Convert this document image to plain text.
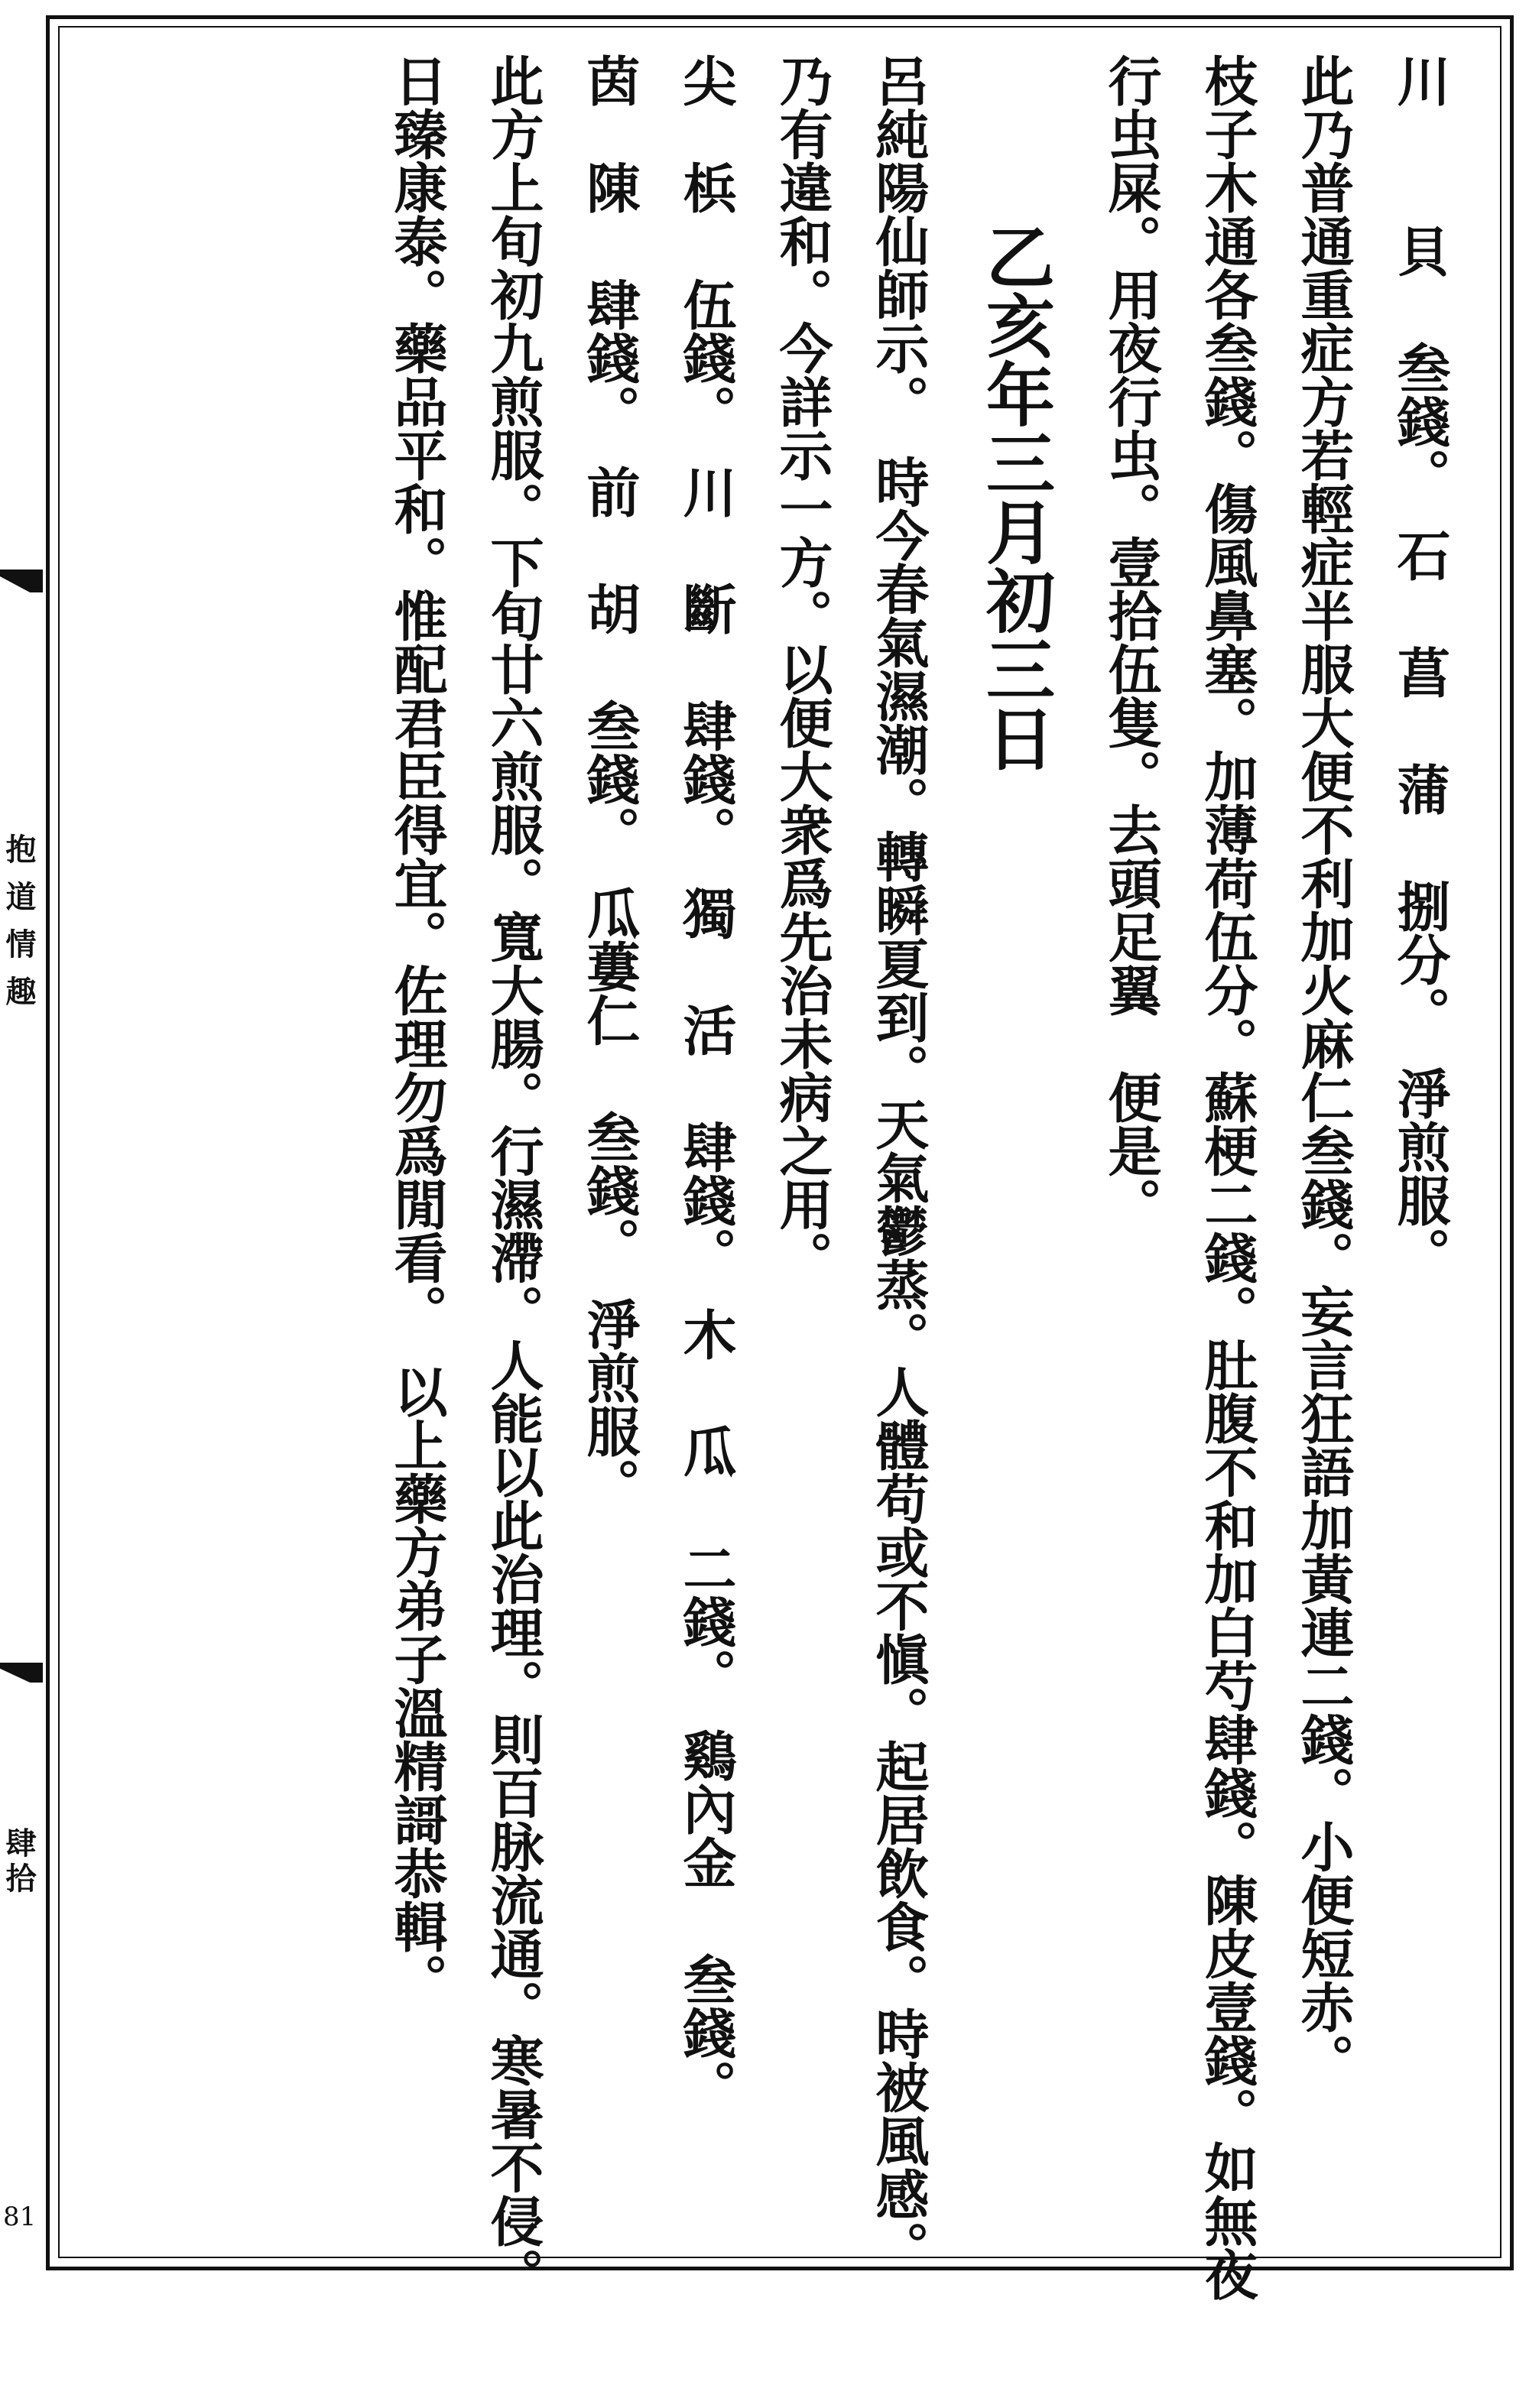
抱道情趣
肆拾
81
川　 貝 叁錢。　石 菖 蒲 捌分。　淨煎服。
此乃普通重症方若輕症半服大便不利加火麻仁叁錢。妄言狂語加黃連二錢。小便短赤。
枝子木通各叁錢。傷風鼻塞。加薄荷伍分。蘇梗二錢。肚腹不和加白芍肆錢。陳皮壹錢。如無夜
行虫屎。用夜行虫。壹拾伍隻。去頭足翼　便是。
乙亥年三月初三日
呂純陽仙師示。　時今春氣濕潮。轉瞬夏到。天氣鬱蒸。人體苟或不愼。起居飲食。時被風感。
乃有違和。今詳示一方。以便大衆爲先治未病之用。
尖　梹 伍錢。　川 斷 肆錢。　獨 活 肆錢。　木 瓜 二錢。　鷄內金 叁錢。
茵　陳 肆錢。　前 胡 叁錢。　瓜蔞仁 叁錢。　淨煎服。
此方上旬初九煎服。下旬廿六煎服。寬大腸。行濕滯。人能以此治理。則百脉流通。寒暑不侵。
日臻康泰。藥品平和。惟配君臣得宜。佐理勿爲閒看。　以上藥方弟子溫精謌恭輯。
